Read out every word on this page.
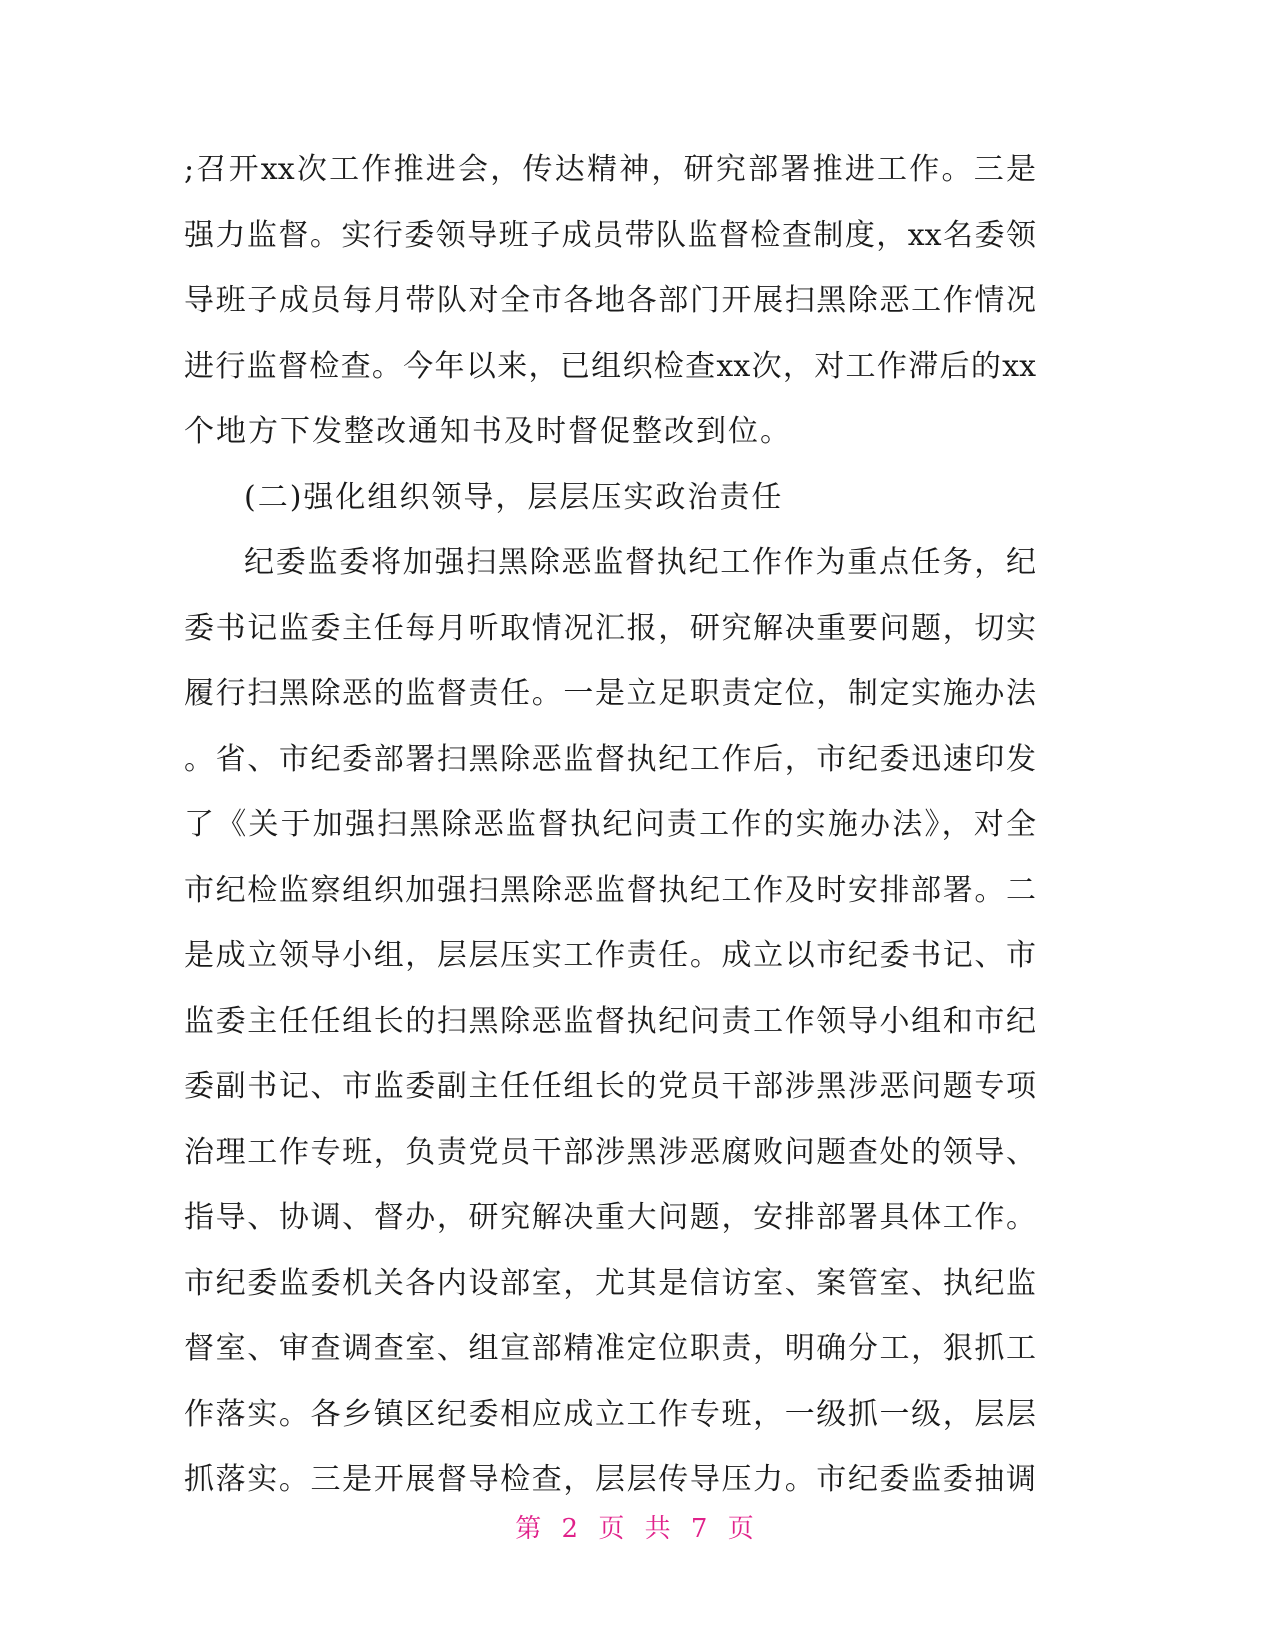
;召开xx次工作推进会，传达精神，研究部署推进工作。三是
强力监督。实行委领导班子成员带队监督检查制度，xx名委领
导班子成员每月带队对全市各地各部门开展扫黑除恶工作情况
进行监督检查。今年以来，已组织检查xx次，对工作滞后的xx
个地方下发整改通知书及时督促整改到位。
(二)强化组织领导，层层压实政治责任
纪委监委将加强扫黑除恶监督执纪工作作为重点任务，纪
委书记监委主任每月听取情况汇报，研究解决重要问题，切实
履行扫黑除恶的监督责任。一是立足职责定位，制定实施办法
。省、市纪委部署扫黑除恶监督执纪工作后，市纪委迅速印发
了《关于加强扫黑除恶监督执纪问责工作的实施办法》，对全
市纪检监察组织加强扫黑除恶监督执纪工作及时安排部署。二
是成立领导小组，层层压实工作责任。成立以市纪委书记、市
监委主任任组长的扫黑除恶监督执纪问责工作领导小组和市纪
委副书记、市监委副主任任组长的党员干部涉黑涉恶问题专项
治理工作专班，负责党员干部涉黑涉恶腐败问题查处的领导、
指导、协调、督办，研究解决重大问题，安排部署具体工作。
市纪委监委机关各内设部室，尤其是信访室、案管室、执纪监
督室、审查调查室、组宣部精准定位职责，明确分工，狠抓工
作落实。各乡镇区纪委相应成立工作专班，一级抓一级，层层
抓落实。三是开展督导检查，层层传导压力。市纪委监委抽调
第 2 页 共 7 页
